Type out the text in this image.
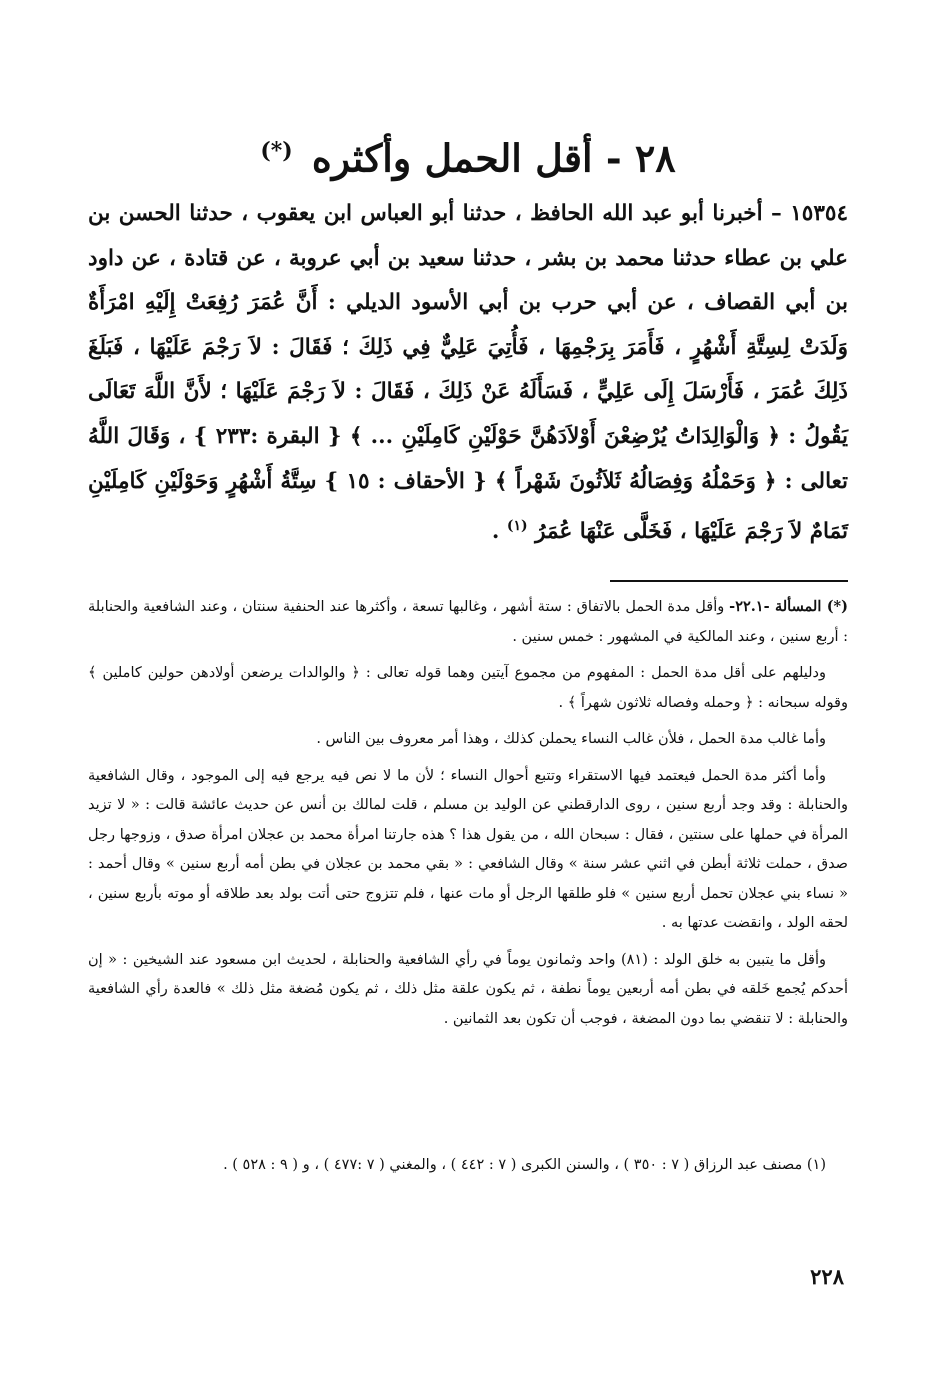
٢٨ - أقل الحمل وأكثره (*)
١٥٣٥٤ – أخبرنا أبو عبد الله الحافظ ، حدثنا أبو العباس ابن يعقوب ، حدثنا الحسن بن علي بن عطاء حدثنا محمد بن بشر ، حدثنا سعيد بن أبي عروبة ، عن قتادة ، عن داود بن أبي القصاف ، عن أبي حرب بن أبي الأسود الديلي : أَنَّ عُمَرَ رُفِعَتْ إِلَيْهِ امْرَأَةٌ وَلَدَتْ لِسِتَّةِ أَشْهُرٍ ، فَأَمَرَ بِرَجْمِهَا ، فَأُتِيَ عَلِيٌّ فِي ذَلِكَ ؛ فَقَالَ : لاَ رَجْمَ عَلَيْهَا ، فَبَلَغَ ذَلِكَ عُمَرَ ، فَأَرْسَلَ إِلَى عَلِيٍّ ، فَسَأَلَهُ عَنْ ذَلِكَ ، فَقَالَ : لاَ رَجْمَ عَلَيْهَا ؛ لأَنَّ اللَّهَ تَعَالَى يَقُولُ : ﴿ وَالْوَالِدَاتُ يُرْضِعْنَ أَوْلاَدَهُنَّ حَوْلَيْنِ كَامِلَيْنِ ... ﴾ { البقرة :٢٣٣ } ، وَقَالَ اللَّهُ تعالى : ﴿ وَحَمْلُهُ وَفِصَالُهُ ثَلاَثُونَ شَهْراً ﴾ { الأحقاف : ١٥ } سِتَّةُ أَشْهُرٍ وَحَوْلَيْنِ كَامِلَيْنِ تَمَامٌ لاَ رَجْمَ عَلَيْهَا ، فَخَلَّى عَنْهَا عُمَرُ $^{(١)}$ .

(*) المسألة -٢٢.١- وأقل مدة الحمل بالاتفاق : ستة أشهر ، وغالبها تسعة ، وأكثرها عند الحنفية سنتان ، وعند الشافعية والحنابلة : أربع سنين ، وعند المالكية في المشهور : خمس سنين .

ودليلهم على أقل مدة الحمل : المفهوم من مجموع آيتين وهما قوله تعالى : ﴿ والوالدات يرضعن أولادهن حولين كاملين ﴾ وقوله سبحانه : ﴿ وحمله وفصاله ثلاثون شهراً ﴾ .

وأما غالب مدة الحمل ، فلأن غالب النساء يحملن كذلك ، وهذا أمر معروف بين الناس .

وأما أكثر مدة الحمل فيعتمد فيها الاستقراء وتتبع أحوال النساء ؛ لأن ما لا نص فيه يرجع فيه إلى الموجود ، وقال الشافعية والحنابلة : وقد وجد أربع سنين ، روى الدارقطني عن الوليد بن مسلم ، قلت لمالك بن أنس عن حديث عائشة قالت : « لا تزيد المرأة في حملها على سنتين ، فقال : سبحان الله ، من يقول هذا ؟ هذه جارتنا امرأة محمد بن عجلان امرأة صدق ، وزوجها رجل صدق ، حملت ثلاثة أبطن في اثني عشر سنة » وقال الشافعي : « بقي محمد بن عجلان في بطن أمه أربع سنين » وقال أحمد : « نساء بني عجلان تحمل أربع سنين » فلو طلقها الرجل أو مات عنها ، فلم تتزوج حتى أتت بولد بعد طلاقه أو موته بأربع سنين ، لحقه الولد ، وانقضت عدتها به .

وأقل ما يتبين به خلق الولد : (٨١) واحد وثمانون يوماً في رأي الشافعية والحنابلة ، لحديث ابن مسعود عند الشيخين : « إن أحدكم يُجمع خَلقه في بطن أمه أربعين يوماً نطفة ، ثم يكون علقة مثل ذلك ، ثم يكون مُضغة مثل ذلك » فالعدة رأي الشافعية والحنابلة : لا تنقضي بما دون المضغة ، فوجب أن تكون بعد الثمانين .

(١) مصنف عبد الرزاق ( ٧ : ٣٥٠ ) ، والسنن الكبرى ( ٧ : ٤٤٢ ) ، والمغني ( ٧ :٤٧٧ ) ، و ( ٩ : ٥٢٨ ) .
٢٢٨
